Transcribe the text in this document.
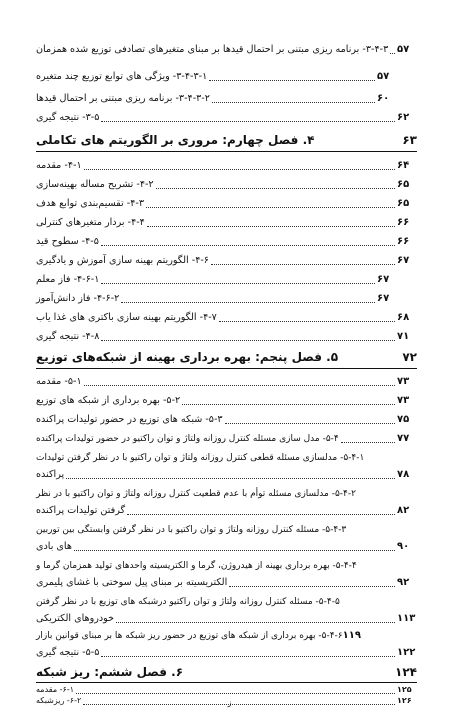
۳-۴-۳- برنامه ریزی مبتنی بر احتمال قیدها بر مبنای متغیرهای تصادفی توزیع شده همزمان ۵۷
۳-۴-۳-۱- ویژگی های توابع توزیع چند متغیره	۵۷
۳-۴-۳-۲- برنامه ریزی مبتنی بر احتمال قیدها	۶۰
۳-۵- نتیجه گیری	۶۲
۴. فصل چهارم: مروری بر الگوریتم های تکاملی	۶۳
۴-۱- مقدمه	۶۴
۴-۲- تشریح مساله بهینه‌سازی	۶۵
۴-۳- تقسیم‌بندی توابع هدف	۶۵
۴-۴- بردار متغیرهای کنترلی	۶۶
۴-۵- سطوح قید	۶۶
۴-۶- الگوریتم بهینه سازی آموزش و یادگیری	۶۷
۴-۶-۱- فاز معلم	۶۷
۴-۶-۲- فاز دانش‌آموز	۶۷
۴-۷- الگوریتم بهینه سازی باکتری های غذا یاب	۶۸
۴-۸- نتیجه گیری	۷۱
۵. فصل پنجم: بهره برداری بهینه از شبکه‌های توزیع	۷۲
۵-۱- مقدمه	۷۳
۵-۲- بهره برداری از شبکه های توزیع	۷۳
۵-۳- شبکه های توزیع در حضور تولیدات پراکنده	۷۵
۵-۴- مدل سازی مسئله کنترل روزانه ولتاژ و توان راکتیو در حضور تولیدات پراکنده	۷۷
۵-۴-۱- مدلسازی مسئله قطعی کنترل روزانه ولتاژ و توان راکتیو با در نظر گرفتن تولیدات
پراکنده	۷۸
۵-۴-۲- مدلسازی مسئله توأم با عدم قطعیت کنترل روزانه ولتاژ و توان راکتیو با در نظر
گرفتن تولیدات پراکنده	۸۲
۵-۴-۳- مسئله کنترل روزانه ولتاژ و توان راکتیو با در نظر گرفتن وابستگی بین توربین
های بادی	۹۰
۵-۴-۴- بهره برداری بهینه از هیدروژن، گرما و الکتریسیته واحدهای تولید همزمان گرما و
الکتریسیته بر مبنای پیل سوختی با غشای پلیمری	۹۲
۵-۴-۵- مسئله کنترل روزانه ولتاژ و توان راکتیو درشبکه های توزیع با در نظر گرفتن
خودروهای الکتریکی	۱۱۳
۵-۴-۶- بهره برداری از شبکه های توزیع در حضور ریز شبکه ها بر مبنای قوانین بازار ۱۱۹
۵-۵- نتیجه گیری	۱۲۲
۶. فصل ششم: ریز شبکه	۱۲۴
۶-۱- مقدمه	۱۲۵
۶-۲- ریزشبکه	۱۲۶
ز
